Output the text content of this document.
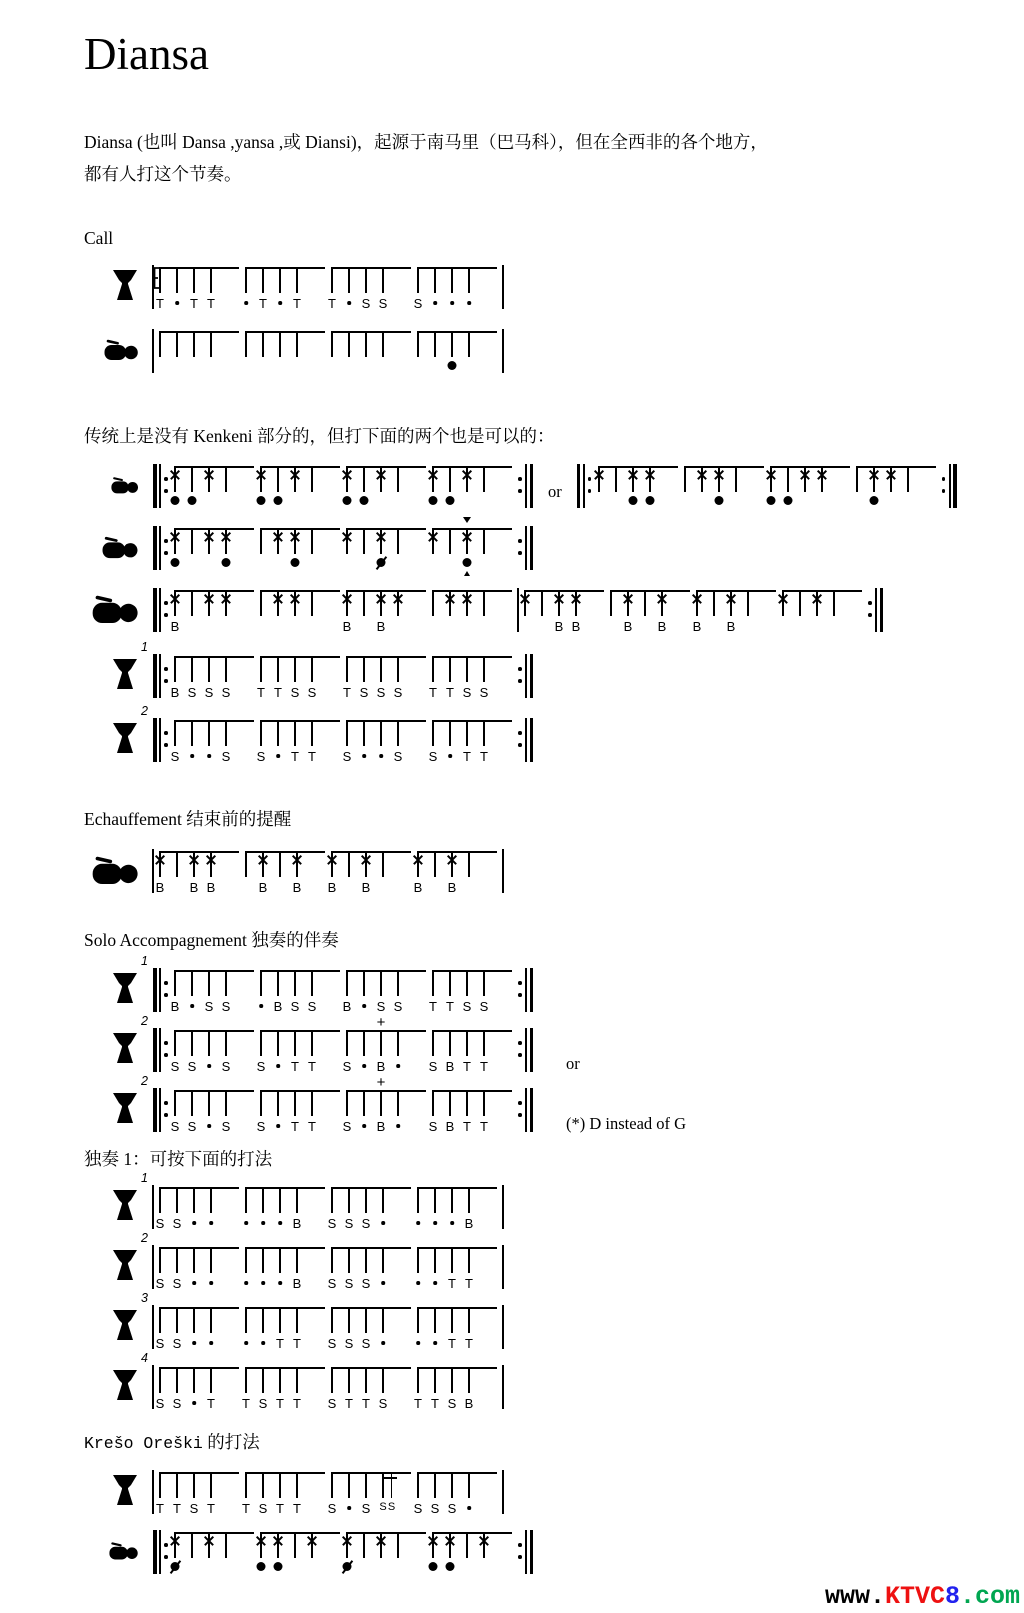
Diansa
Diansa (也叫 Dansa ,yansa ,或 Diansi)，起源于南马里（巴马科），但在全西非的各个地方，
都有人打这个节奏。
Call
T T T	T T T S S S
传统上是没有 Kenkeni 部分的，但打下面的两个也是可以的：
or
B	B B	B B	B B B B
1
B S S S T T S S T S S S T T S S
2
S	S S T T S	S S T T
Echauffement 结束前的提醒
B B B	B B B B	B B
Solo Accompagnement 独奏的伴奏
1
B S S	B S S B S S T T S S
2
S S S S T T S B
+
S B T T	or
2
S S S S T T S B
+
S B T T	(*) D instead of G
独奏 1：可按下面的打法
1
S S	B S S S	B
2
S S	B S S S	T T
3
S S	T T S S S	T T
4
S S T T S T T S T T S T T S B
Krešo Oreški 的打法
T T S T T S T T S S S S S S S
www.KTVC8.com
